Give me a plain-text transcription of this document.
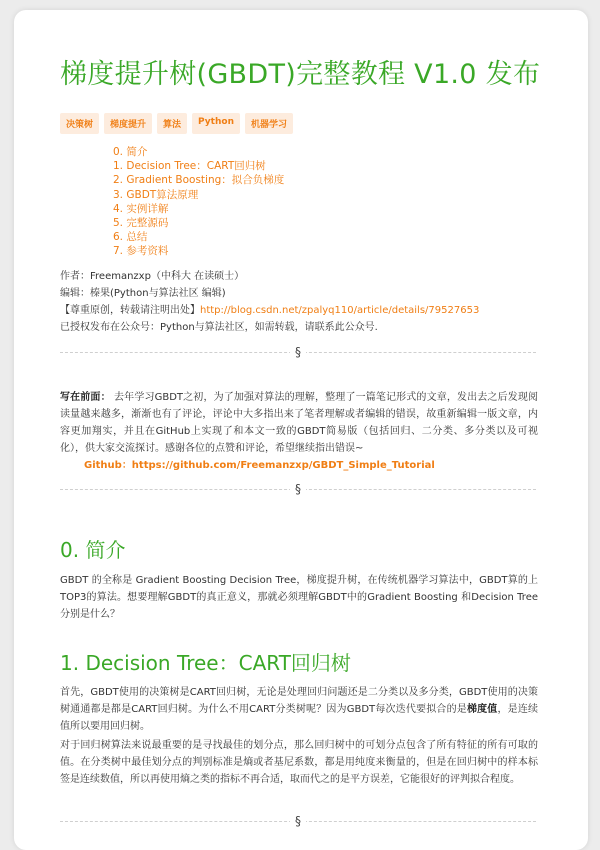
梯度提升树(GBDT)完整教程 V1.0 发布
决策树	梯度提升	算法	Python	机器学习
0. 简介
1. Decision Tree：CART回归树
2. Gradient Boosting：拟合负梯度
3. GBDT算法原理
4. 实例详解
5. 完整源码
6. 总结
7. 参考资料
作者：Freemanzxp（中科大 在读硕士）
编辑：榛果(Python与算法社区 编辑)
【尊重原创，转载请注明出处】http://blog.csdn.net/zpalyq110/article/details/79527653
已授权发布在公众号：Python与算法社区，如需转载，请联系此公众号.
§

写在前面： 去年学习GBDT之初，为了加强对算法的理解，整理了一篇笔记形式的文章，发出去之后发现阅读量越来越多，渐渐也有了评论，评论中大多指出来了笔者理解或者编辑的错误，故重新编辑一版文章，内容更加翔实，并且在GitHub上实现了和本文一致的GBDT简易版（包括回归、二分类、多分类以及可视化），供大家交流探讨。感谢各位的点赞和评论，希望继续指出错误~
Github：https://github.com/Freemanzxp/GBDT_Simple_Tutorial

§
0. 简介

GBDT 的全称是 Gradient Boosting Decision Tree，梯度提升树，在传统机器学习算法中，GBDT算的上TOP3的算法。想要理解GBDT的真正意义，那就必须理解GBDT中的Gradient Boosting 和Decision Tree分别是什么？

1. Decision Tree：CART回归树

首先，GBDT使用的决策树是CART回归树，无论是处理回归问题还是二分类以及多分类，GBDT使用的决策树通通都是都是CART回归树。为什么不用CART分类树呢？因为GBDT每次迭代要拟合的是梯度值，是连续值所以要用回归树。

对于回归树算法来说最重要的是寻找最佳的划分点，那么回归树中的可划分点包含了所有特征的所有可取的值。在分类树中最佳划分点的判别标准是熵或者基尼系数，都是用纯度来衡量的，但是在回归树中的样本标签是连续数值，所以再使用熵之类的指标不再合适，取而代之的是平方误差，它能很好的评判拟合程度。

§
